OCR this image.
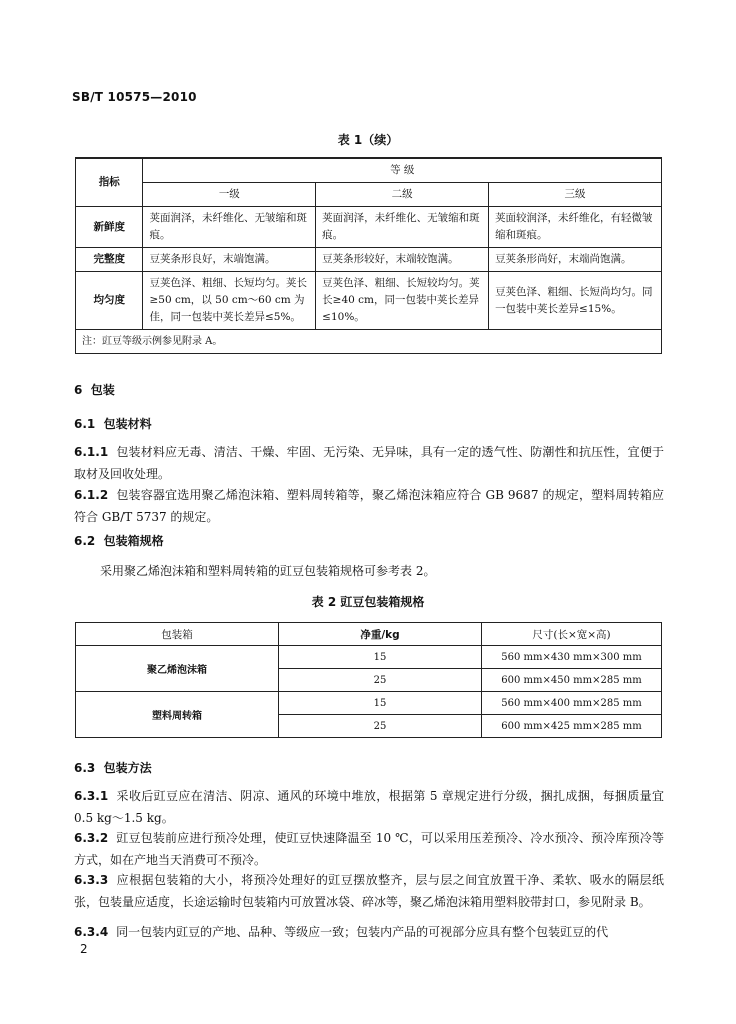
SB/T 10575—2010
表 1（续）
指标	等 级		
	一级	二级	三级
新鲜度	荚面润泽，未纤维化、无皱缩和斑痕。	荚面润泽，未纤维化、无皱缩和斑痕。	荚面较润泽，未纤维化，有轻微皱缩和斑痕。
完整度	豆荚条形良好，末端饱满。	豆荚条形较好，末端较饱满。	豆荚条形尚好，末端尚饱满。
均匀度	豆荚色泽、粗细、长短均匀。荚长≥50 cm，以 50 cm～60 cm 为佳，同一包装中荚长差异≤5%。	豆荚色泽、粗细、长短较均匀。荚长≥40 cm，同一包装中荚长差异≤10%。	豆荚色泽、粗细、长短尚均匀。同一包装中荚长差异≤15%。
注：豇豆等级示例参见附录 A。			
6 包装
6.1 包装材料
6.1.1 包装材料应无毒、清洁、干燥、牢固、无污染、无异味，具有一定的透气性、防潮性和抗压性，宜便于取材及回收处理。
6.1.2 包装容器宜选用聚乙烯泡沫箱、塑料周转箱等，聚乙烯泡沫箱应符合 GB 9687 的规定，塑料周转箱应符合 GB/T 5737 的规定。
6.2 包装箱规格
采用聚乙烯泡沫箱和塑料周转箱的豇豆包装箱规格可参考表 2。
表 2 豇豆包装箱规格
包装箱	净重/kg	尺寸(长×宽×高)
聚乙烯泡沫箱	15	560 mm×430 mm×300 mm
	25	600 mm×450 mm×285 mm
塑料周转箱	15	560 mm×400 mm×285 mm
	25	600 mm×425 mm×285 mm
6.3 包装方法
6.3.1 采收后豇豆应在清洁、阴凉、通风的环境中堆放，根据第 5 章规定进行分级，捆扎成捆，每捆质量宜 0.5 kg～1.5 kg。
6.3.2 豇豆包装前应进行预冷处理，使豇豆快速降温至 10 ℃，可以采用压差预冷、冷水预冷、预冷库预冷等方式，如在产地当天消费可不预冷。
6.3.3 应根据包装箱的大小，将预冷处理好的豇豆摆放整齐，层与层之间宜放置干净、柔软、吸水的隔层纸张，包装量应适度，长途运输时包装箱内可放置冰袋、碎冰等，聚乙烯泡沫箱用塑料胶带封口，参见附录 B。
6.3.4 同一包装内豇豆的产地、品种、等级应一致；包装内产品的可视部分应具有整个包装豇豆的代
2
